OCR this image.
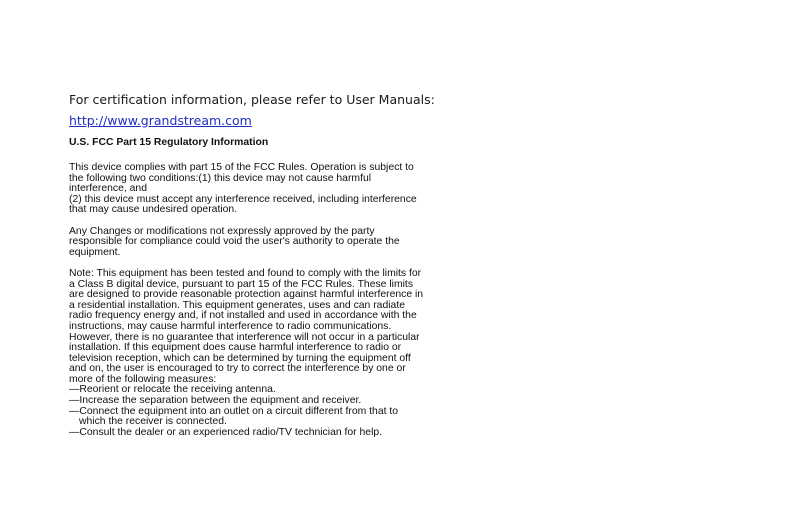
For certification information, please refer to User Manuals:

http://www.grandstream.com

U.S. FCC Part 15 Regulatory Information

This device complies with part 15 of the FCC Rules. Operation is subject to
the following two conditions:(1) this device may not cause harmful
interference, and
(2) this device must accept any interference received, including interference
that may cause undesired operation.

Any Changes or modifications not expressly approved by the party
responsible for compliance could void the user's authority to operate the
equipment.

Note: This equipment has been tested and found to comply with the limits for
a Class B digital device, pursuant to part 15 of the FCC Rules. These limits
are designed to provide reasonable protection against harmful interference in
a residential installation. This equipment generates, uses and can radiate
radio frequency energy and, if not installed and used in accordance with the
instructions, may cause harmful interference to radio communications.
However, there is no guarantee that interference will not occur in a particular
installation. If this equipment does cause harmful interference to radio or
television reception, which can be determined by turning the equipment off
and on, the user is encouraged to try to correct the interference by one or
more of the following measures:
—Reorient or relocate the receiving antenna.
—Increase the separation between the equipment and receiver.
—Connect the equipment into an outlet on a circuit different from that to
which the receiver is connected.
—Consult the dealer or an experienced radio/TV technician for help.
